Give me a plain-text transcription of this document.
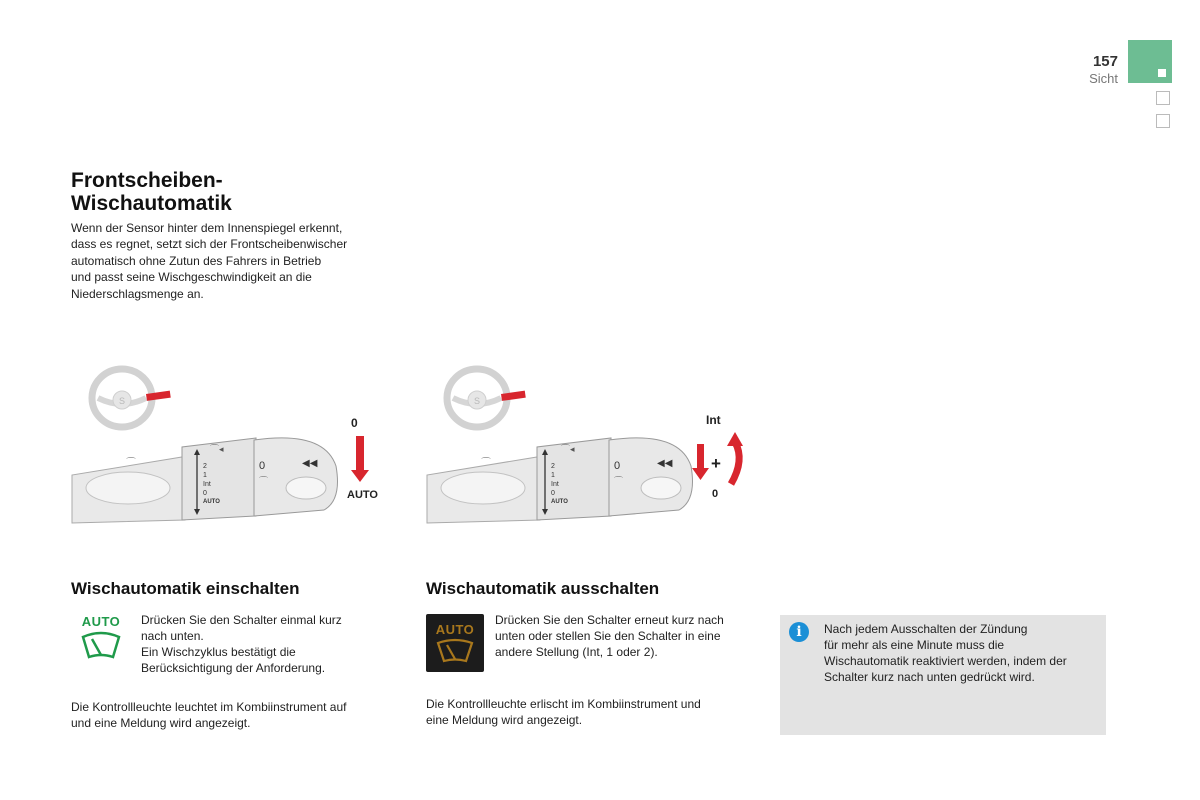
157
Sicht
Frontscheiben-
Wischautomatik
Wenn der Sensor hinter dem Innenspiegel erkennt,
dass es regnet, setzt sich der Frontscheibenwischer
automatisch ohne Zutun des Fahrers in Betrieb
und passt seine Wischgeschwindigkeit an die
Niederschlagsmenge an.
S
⌒	2
1
Int
0
AUTO
⌒◂
0
⌒
◀◀
0
AUTO
S
⌒	2
1
Int
0
AUTO
⌒◂
0
⌒
◀◀
Int
+
0
Wischautomatik einschalten
AUTO	Drücken Sie den Schalter einmal kurz
nach unten.
Ein Wischzyklus bestätigt die
Berücksichtigung der Anforderung.
Die Kontrollleuchte leuchtet im Kombiinstrument auf
und eine Meldung wird angezeigt.
Wischautomatik ausschalten
AUTO
Drücken Sie den Schalter erneut kurz nach
unten oder stellen Sie den Schalter in eine
andere Stellung (Int, 1 oder 2).
Die Kontrollleuchte erlischt im Kombiinstrument und
eine Meldung wird angezeigt.
i	Nach jedem Ausschalten der Zündung
für mehr als eine Minute muss die
Wischautomatik reaktiviert werden, indem der
Schalter kurz nach unten gedrückt wird.
